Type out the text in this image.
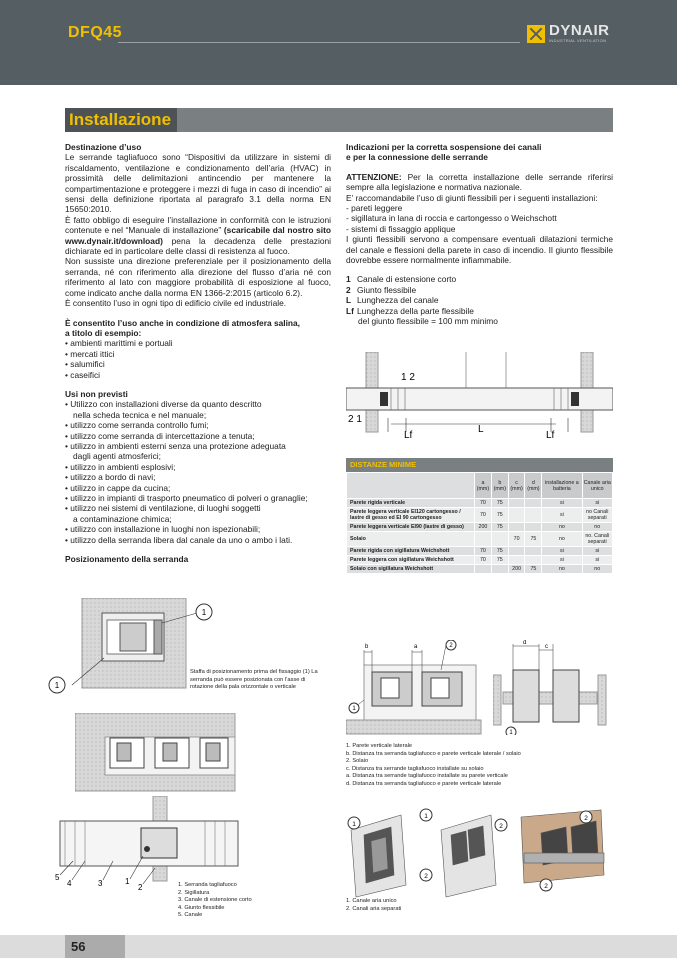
DFQ45	DYNAIR
INDUSTRIAL VENTILATION
Installazione

Destinazione d’uso

Le serrande tagliafuoco sono “Dispositivi da utilizzare in sistemi di riscaldamento, ventilazione e condizionamento dell’aria (HVAC) in prossimità delle delimitazioni antincendio per mantenere la compartimentazione e proteggere i mezzi di fuga in caso di incendio” ai sensi della definizione riportata al paragrafo 3.1 della norma EN 15650:2010.

È fatto obbligo di eseguire l’installazione in conformità con le istruzioni contenute e nel “Manuale di installazione” (scaricabile dal nostro sito www.dynair.it/download) pena la decadenza delle prestazioni dichiarate ed in particolare delle classi di resistenza al fuoco.

Non sussiste una direzione preferenziale per il posizionamento della serranda, né con riferimento alla direzione del flusso d’aria né con riferimento al lato con maggiore probabilità di esposizione al fuoco, come indicato anche dalla norma EN 1366-2:2015 (articolo 6.2).

È consentito l’uso in ogni tipo di edificio civile ed industriale.

È consentito l’uso anche in condizione di atmosfera salina,

a titolo di esempio:

• ambienti marittimi e portuali
• mercati ittici
• salumifici
• caseifici

Usi non previsti

• Utilizzo con installazioni diverse da quanto descritto
nella scheda tecnica e nel manuale;
• utilizzo come serranda controllo fumi;
• utilizzo come serranda di intercettazione a tenuta;
• utilizzo in ambienti esterni senza una protezione adeguata
dagli agenti atmosferici;
• utilizzo in ambienti esplosivi;
• utilizzo a bordo di navi;
• utilizzo in cappe da cucina;
• utilizzo in impianti di trasporto pneumatico di polveri o granaglie;
• utilizzo nei sistemi di ventilazione, di luoghi soggetti
a contaminazione chimica;
• utilizzo con installazione in luoghi non ispezionabili;
• utilizzo della serranda libera dal canale da uno o ambo i lati.

Posizionamento della serranda

1
1
Staffa di posizionamento prima del fissaggio (1) La serranda può essere posizionata con l’asse di rotazione della pala orizzontale o verticale
5
4	3	1
2	1. Serranda tagliafuoco
2. Sigillatura
3. Canale di estensione corto
4. Giunto flessibile
5. Canale

Indicazioni per la corretta sospensione dei canali

e per la connessione delle serrande

ATTENZIONE: Per la corretta installazione delle serrande riferirsi sempre alla legislazione e normativa nazionale.

E’ raccomandabile l’uso di giunti flessibili per i seguenti installazioni:

- pareti leggere
- sigillatura in lana di roccia e cartongesso o Weichschott
- sistemi di fissaggio applique

I giunti flessibili servono a compensare eventuali dilatazioni termiche del canale e flessioni della parete in caso di incendio. Il giunto flessibile dovrebbe essere normalmente infiammabile.

1 Canale di estensione corto
2 Giunto flessibile
L Lunghezza del canale
Lf Lunghezza della parte flessibile
del giunto flessibile = 100 mm minimo
1 2
2 1
Lf
L
Lf
DISTANZE MINIME
	a (mm)	b (mm)	c (mm)	d (mm)	installazione a batteria	Canale aria unico
Parete rigida verticale	70	75			si	si
Parete leggera verticale EI120 cartongesso / lastre di gesso ed EI 90 cartongesso	70	75			si	no Canali separati
Parete leggera verticale EI90 (lastre di gesso)	200	75			no	no
Solaio			70	75	no	no. Canali separati
Parete rigida con sigillatura Weichshott	70	75			si	si
Parete leggera con sigillatura Weichshott	70	75			si	si
Solaio con sigillatura Weichshott			200	75	no	no
b	a
1
2	d
c
1
1. Parete verticale laterale
b. Distanza tra serranda tagliafuoco e parete verticale laterale / solaio
2. Solaio
c. Distanza tra serrande tagliafuoco installate su solaio
a. Distanza tra serrande tagliafuoco installate su parete verticale
d. Distanza tra serranda tagliafuoco e parete verticale laterale
1
1
2
2
2
2
1. Canale aria unico
2. Canali aria separati
56
